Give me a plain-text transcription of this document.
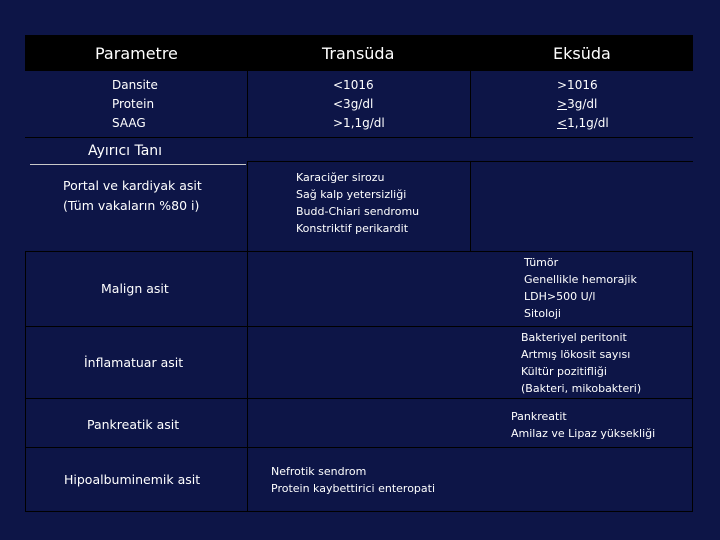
Parametre	Transüda	Eksüda
Dansite
Protein
SAAG
<1016
<3g/dl
>1,1g/dl
>1016
>3g/dl
<1,1g/dl
Ayırıcı Tanı
Portal ve kardiyak asit
(Tüm vakaların %80 i)
Karaciğer sirozu
Sağ kalp yetersizliği
Budd-Chiari sendromu
Konstriktif perikardit
Malign asit
Tümör
Genellikle hemorajik
LDH>500 U/l
Sitoloji
İnflamatuar asit
Bakteriyel peritonit
Artmış lökosit sayısı
Kültür pozitifliği
(Bakteri, mikobakteri)
Pankreatik asit
Pankreatit
Amilaz ve Lipaz yüksekliği
Hipoalbuminemik asit
Nefrotik sendrom
Protein kaybettirici enteropati
